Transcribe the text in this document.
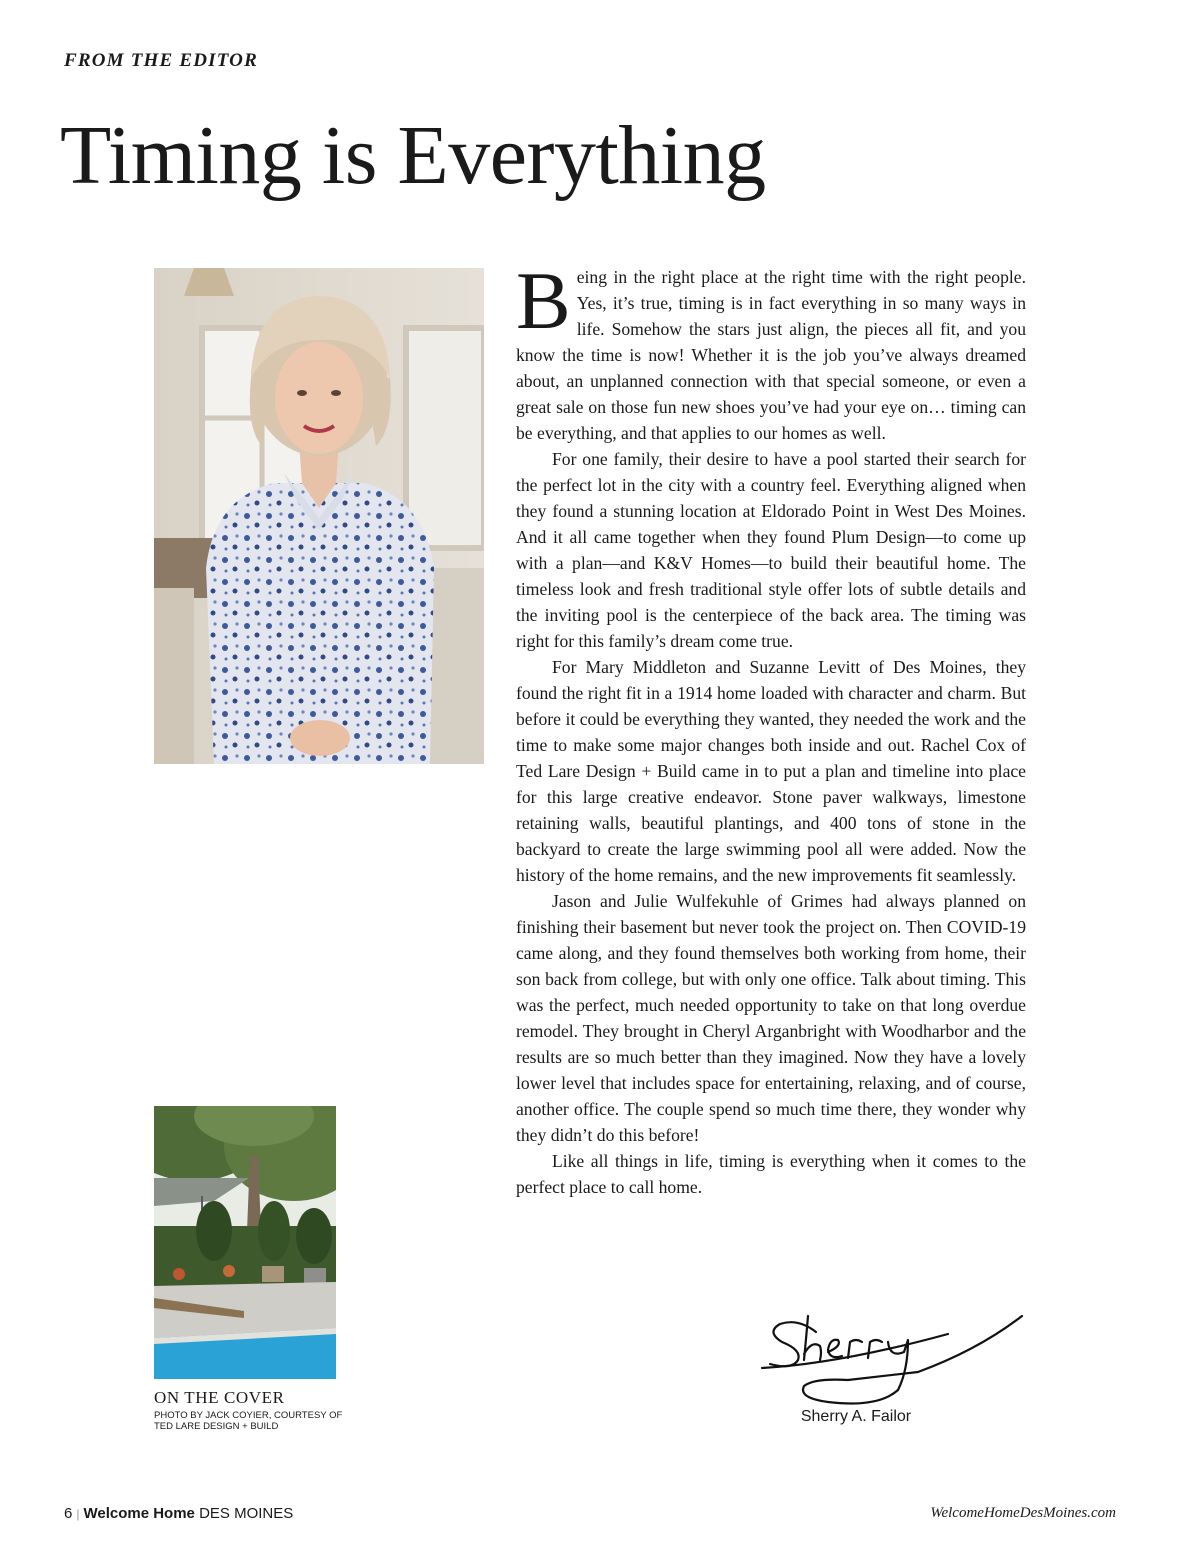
FROM THE EDITOR

Timing is Everything

Being in the right place at the right time with the right people. Yes, it’s true, timing is in fact everything in so many ways in life. Somehow the stars just align, the pieces all fit, and you know the time is now! Whether it is the job you’ve always dreamed about, an unplanned connection with that special someone, or even a great sale on those fun new shoes you’ve had your eye on… timing can be everything, and that applies to our homes as well.

For one family, their desire to have a pool started their search for the perfect lot in the city with a country feel. Everything aligned when they found a stunning location at Eldorado Point in West Des Moines. And it all came together when they found Plum Design—to come up with a plan—and K&V Homes—to build their beautiful home. The timeless look and fresh traditional style offer lots of subtle details and the inviting pool is the centerpiece of the back area. The timing was right for this family’s dream come true.

For Mary Middleton and Suzanne Levitt of Des Moines, they found the right fit in a 1914 home loaded with character and charm. But before it could be everything they wanted, they needed the work and the time to make some major changes both inside and out. Rachel Cox of Ted Lare Design + Build came in to put a plan and timeline into place for this large creative endeavor. Stone paver walkways, limestone retaining walls, beautiful plantings, and 400 tons of stone in the backyard to create the large swimming pool all were added. Now the history of the home remains, and the new improvements fit seamlessly.

Jason and Julie Wulfekuhle of Grimes had always planned on finishing their basement but never took the project on. Then COVID-19 came along, and they found themselves both working from home, their son back from college, but with only one office. Talk about timing. This was the perfect, much needed opportunity to take on that long overdue remodel. They brought in Cheryl Arganbright with Woodharbor and the results are so much better than they imagined. Now they have a lovely lower level that includes space for entertaining, relaxing, and of course, another office. The couple spend so much time there, they wonder why they didn’t do this before!

Like all things in life, timing is everything when it comes to the perfect place to call home.

ON THE COVER
PHOTO BY JACK COYIER, COURTESY OF TED LARE DESIGN + BUILD
Sherry A. Failor
6 | Welcome Home DES MOINES	WelcomeHomeDesMoines.com
